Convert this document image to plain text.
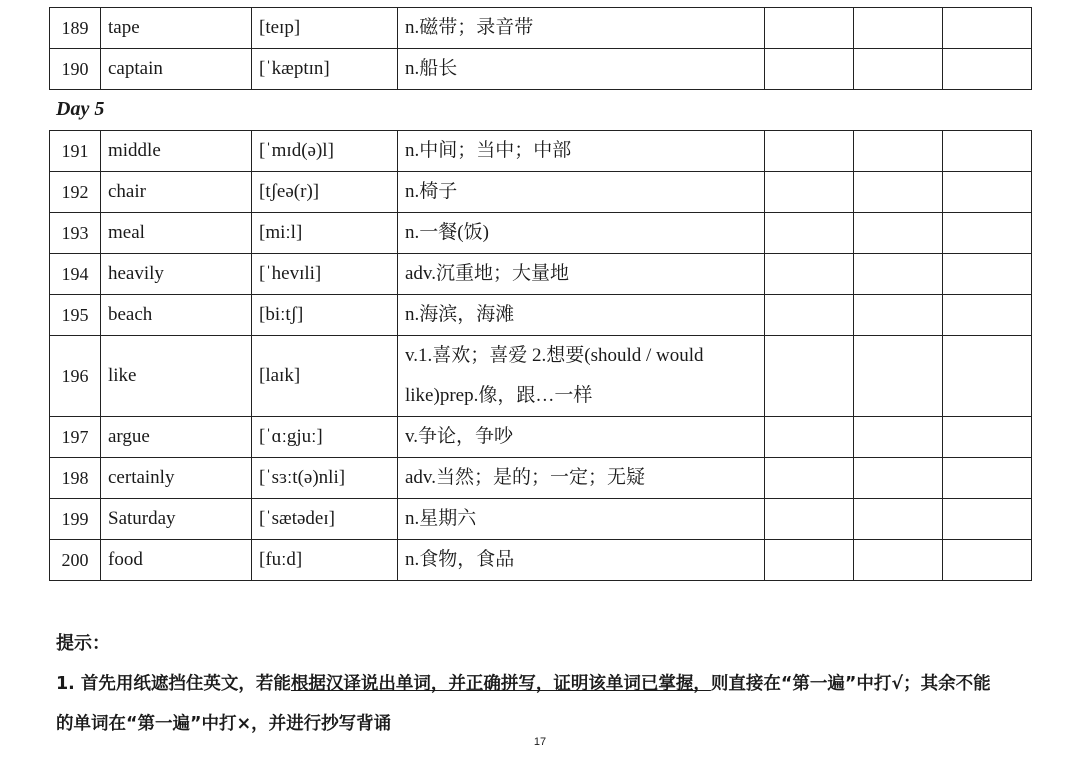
189	tape	[teɪp]	n.磁带；录音带			
190	captain	[ˈkæptɪn]	n.船长			
Day 5
191	middle	[ˈmɪd(ə)l]	n.中间；当中；中部			
192	chair	[tʃeə(r)]	n.椅子			
193	meal	[miːl]	n.一餐(饭)			
194	heavily	[ˈhevɪli]	adv.沉重地；大量地			
195	beach	[biːtʃ]	n.海滨，海滩			
196	like	[laɪk]	v.1.喜欢；喜爱 2.想要(should / would like)prep.像，跟…一样			
197	argue	[ˈɑːgjuː]	v.争论，争吵			
198	certainly	[ˈsɜːt(ə)nli]	adv.当然；是的；一定；无疑			
199	Saturday	[ˈsætədeɪ]	n.星期六			
200	food	[fuːd]	n.食物，食品			
提示：
1. 首先用纸遮挡住英文，若能根据汉译说出单词，并正确拼写，证明该单词已掌握，则直接在“第一遍”中打√；其余不能
的单词在“第一遍”中打×，并进行抄写背诵
17
